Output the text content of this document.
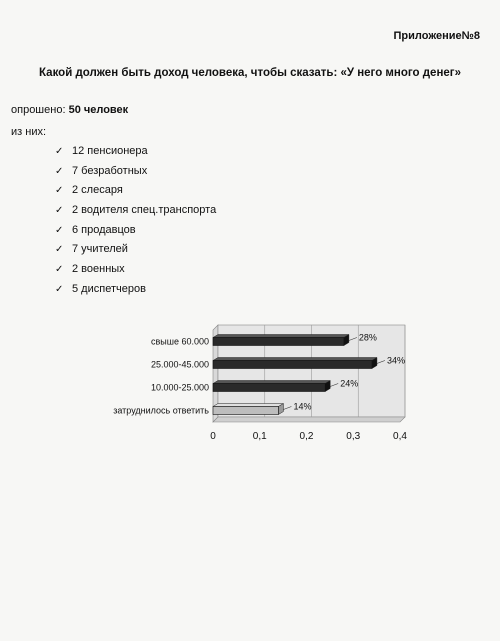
Приложение№8
Какой должен быть доход человека, чтобы сказать: «У него много денег»
опрошено: 50 человек
из них:
✓ 12 пенсионера
✓ 7 безработных
✓ 2 слесаря
✓ 2 водителя спец.транспорта
✓ 6 продавцов
✓ 7 учителей
✓ 2 военных
✓ 5 диспетчеров
0	0,1	0,2	0,3	0,4
свыше 60.000	28%
25.000-45.000	34%
10.000-25.000	24%
затруднилось ответить	14%
